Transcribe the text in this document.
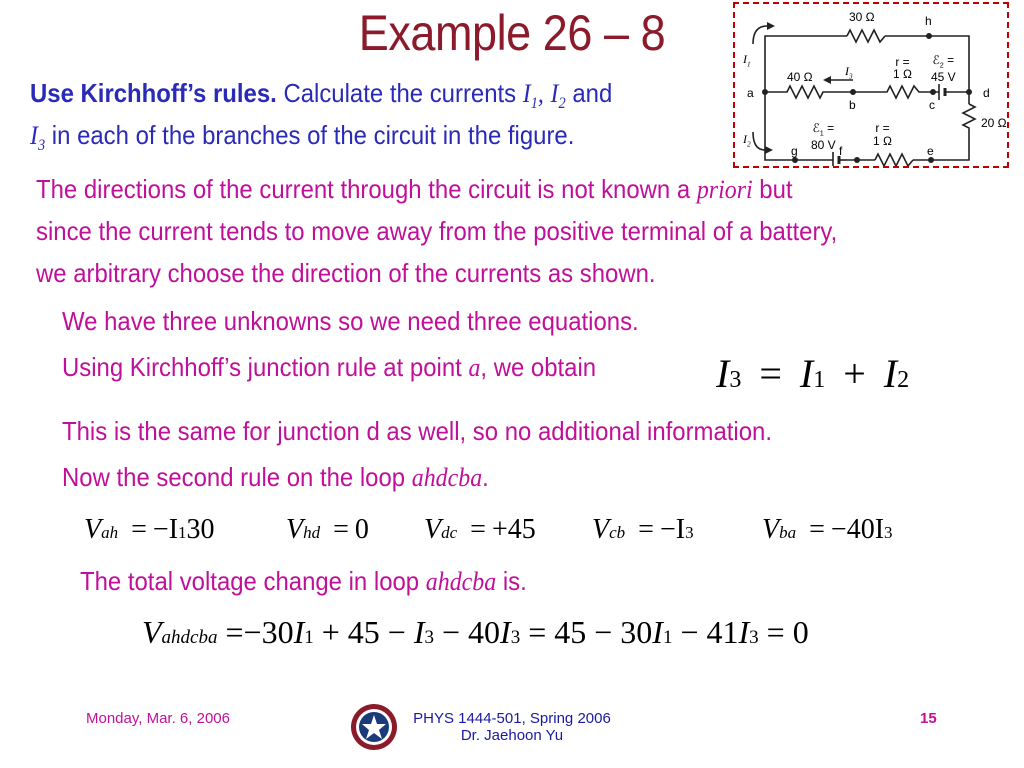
Example 26 – 8	30 Ω	h
$I_1$
40 Ω	$I_3$
r =
1 Ω
ℰ$_2$ =
45 V
a
b	c
d
20 Ω
$I_2$
ℰ$_1$ =
80 V
r =
1 Ω
g	f	e
Use Kirchhoff’s rules. Calculate the currents $I_1$, $I_2$ and
$I_3$ in each of the branches of the circuit in the figure.
The directions of the current through the circuit is not known a priori but
since the current tends to move away from the positive terminal of a battery,
we arbitrary choose the direction of the currents as shown.
We have three unknowns so we need three equations.
Using Kirchhoff’s junction rule at point a, we obtain	I3 = I1 + I2
This is the same for junction d as well, so no additional information.
Now the second rule on the loop ahdcba.
Vah = −I130	Vhd = 0 Vdc = +45 Vcb = −I3 Vba = −40I3
The total voltage change in loop ahdcba is.
Vahdcba =−30I1 + 45 − I3 − 40I3 = 45 − 30I1 − 41I3 = 0
Monday, Mar. 6, 2006	PHYS 1444-501, Spring 2006
Dr. Jaehoon Yu
15
